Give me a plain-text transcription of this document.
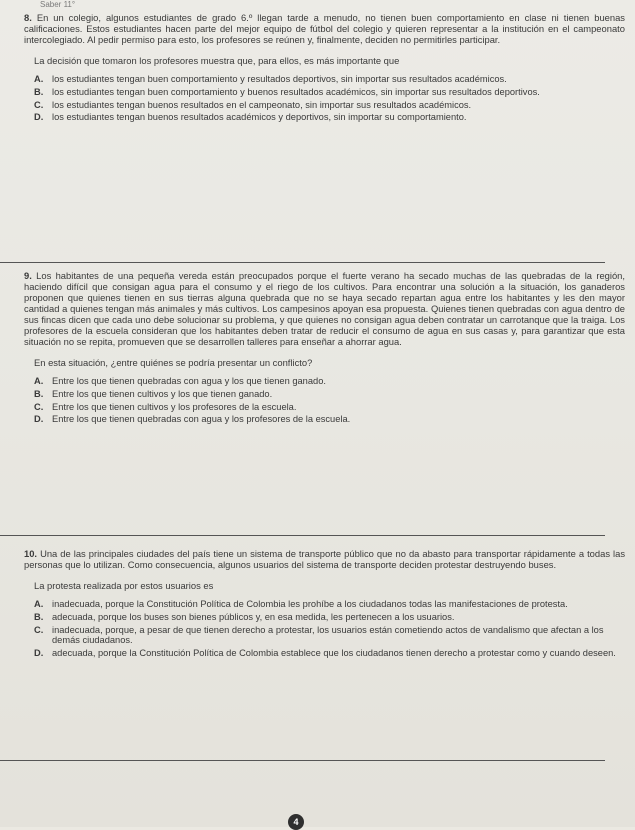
Saber 11°

8. En un colegio, algunos estudiantes de grado 6.º llegan tarde a menudo, no tienen buen comportamiento en clase ni tienen buenas calificaciones. Estos estudiantes hacen parte del mejor equipo de fútbol del colegio y quieren representar a la institución en el campeonato intercolegiado. Al pedir permiso para esto, los profesores se reúnen y, finalmente, deciden no permitirles participar.

La decisión que tomaron los profesores muestra que, para ellos, es más importante que

A. los estudiantes tengan buen comportamiento y resultados deportivos, sin importar sus resultados académicos.
B. los estudiantes tengan buen comportamiento y buenos resultados académicos, sin importar sus resultados deportivos.
C. los estudiantes tengan buenos resultados en el campeonato, sin importar sus resultados académicos.
D. los estudiantes tengan buenos resultados académicos y deportivos, sin importar su comportamiento.

9. Los habitantes de una pequeña vereda están preocupados porque el fuerte verano ha secado muchas de las quebradas de la región, haciendo difícil que consigan agua para el consumo y el riego de los cultivos. Para encontrar una solución a la situación, los ganaderos proponen que quienes tienen en sus tierras alguna quebrada que no se haya secado repartan agua entre los habitantes y les den mayor cantidad a quienes tengan más animales y más cultivos. Los campesinos apoyan esa propuesta. Quienes tienen quebradas con agua dentro de sus fincas dicen que cada uno debe solucionar su problema, y que quienes no consigan agua deben contratar un carrotanque que la traiga. Los profesores de la escuela consideran que los habitantes deben tratar de reducir el consumo de agua en sus casas y, para garantizar que esta situación no se repita, promueven que se desarrollen talleres para enseñar a ahorrar agua.

En esta situación, ¿entre quiénes se podría presentar un conflicto?

A. Entre los que tienen quebradas con agua y los que tienen ganado.
B. Entre los que tienen cultivos y los que tienen ganado.
C. Entre los que tienen cultivos y los profesores de la escuela.
D. Entre los que tienen quebradas con agua y los profesores de la escuela.

10. Una de las principales ciudades del país tiene un sistema de transporte público que no da abasto para transportar rápidamente a todas las personas que lo utilizan. Como consecuencia, algunos usuarios del sistema de transporte deciden protestar destruyendo buses.

La protesta realizada por estos usuarios es

A. inadecuada, porque la Constitución Política de Colombia les prohíbe a los ciudadanos todas las manifestaciones de protesta.
B. adecuada, porque los buses son bienes públicos y, en esa medida, les pertenecen a los usuarios.
C. inadecuada, porque, a pesar de que tienen derecho a protestar, los usuarios están cometiendo actos de vandalismo que afectan a los demás ciudadanos.
D. adecuada, porque la Constitución Política de Colombia establece que los ciudadanos tienen derecho a protestar como y cuando deseen.
4
